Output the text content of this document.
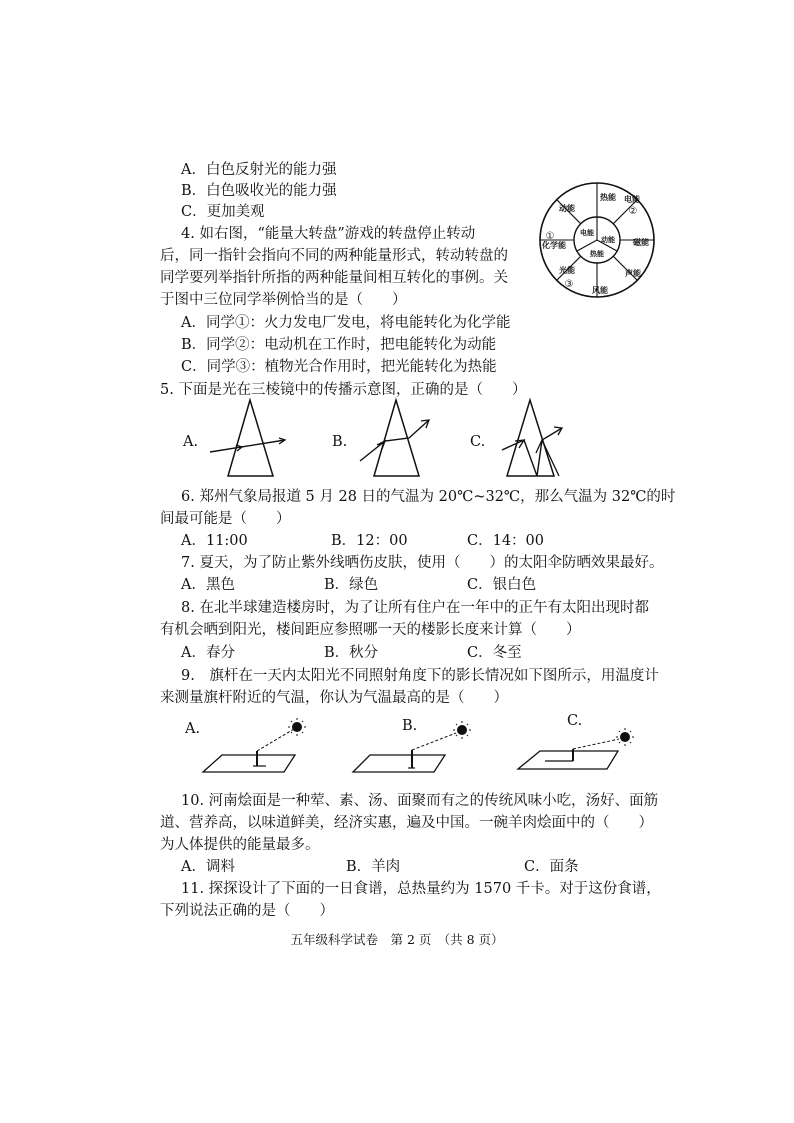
A．白色反射光的能力强
B．白色吸收光的能力强
C．更加美观
4. 如右图，“能量大转盘”游戏的转盘停止转动
后，同一指针会指向不同的两种能量形式，转动转盘的
同学要列举指针所指的两种能量间相互转化的事例。关
于图中三位同学举例恰当的是（　　）
A．同学①：火力发电厂发电，将电能转化为化学能
B．同学②：电动机在工作时，把电能转化为动能
C．同学③：植物光合作用时，把光能转化为热能
热能 电能
磁能
声能
风能
光能
化学能
动能
电能
动能
热能
①
②
③
5. 下面是光在三棱镜中的传播示意图，正确的是（　　）
A.	B.	C.
6. 郑州气象局报道 5 月 28 日的气温为 20℃~32℃，那么气温为 32℃的时
间最可能是（　　）
A．11:00	B．12：00	C．14：00
7. 夏天，为了防止紫外线晒伤皮肤，使用（　　）的太阳伞防晒效果最好。
A．黑色	B．绿色	C．银白色
8. 在北半球建造楼房时，为了让所有住户在一年中的正午有太阳出现时都
有机会晒到阳光，楼间距应参照哪一天的楼影长度来计算（　　）
A．春分	B．秋分	C．冬至
9.　旗杆在一天内太阳光不同照射角度下的影长情况如下图所示，用温度计
来测量旗杆附近的气温，你认为气温最高的是（　　）
A.	B.	C.
10. 河南烩面是一种荤、素、汤、面聚而有之的传统风味小吃，汤好、面筋
道、营养高，以味道鲜美，经济实惠，遍及中国。一碗羊肉烩面中的（　　）
为人体提供的能量最多。
A．调料	B．羊肉	C．面条
11. 探探设计了下面的一日食谱，总热量约为 1570 千卡。对于这份食谱，
下列说法正确的是（　　）
五年级科学试卷　第 2 页　（共 8 页）
